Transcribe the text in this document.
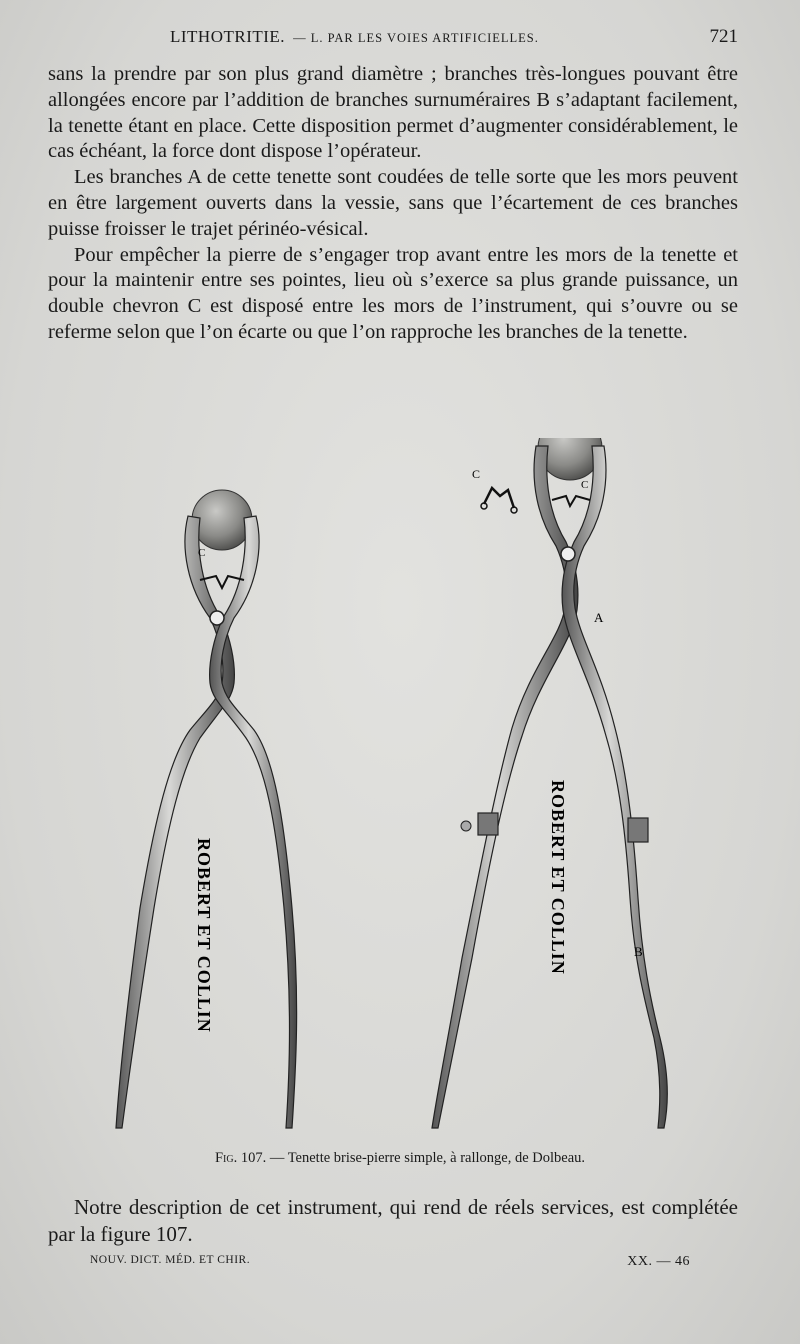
LITHOTRITIE. — L. PAR LES VOIES ARTIFICIELLES.	721

sans la prendre par son plus grand diamètre ; branches très-longues pouvant être allongées encore par l’addition de branches surnuméraires B s’adaptant facilement, la tenette étant en place. Cette disposition permet d’augmenter considérablement, le cas échéant, la force dont dispose l’opérateur.

Les branches A de cette tenette sont coudées de telle sorte que les mors peuvent en être largement ouverts dans la vessie, sans que l’écartement de ces branches puisse froisser le trajet périnéo-vésical.

Pour empêcher la pierre de s’engager trop avant entre les mors de la tenette et pour la maintenir entre ses pointes, lieu où s’exerce sa plus grande puissance, un double chevron C est disposé entre les mors de l’instrument, qui s’ouvre ou se referme selon que l’on écarte ou que l’on rapproche les branches de la tenette.

C
ROBERT ET COLLIN
C
C
A
B
ROBERT ET COLLIN
Fig. 107. — Tenette brise-pierre simple, à rallonge, de Dolbeau.

Notre description de cet instrument, qui rend de réels services, est complétée par la figure 107.

NOUV. DICT. MÉD. ET CHIR.	XX. — 46
